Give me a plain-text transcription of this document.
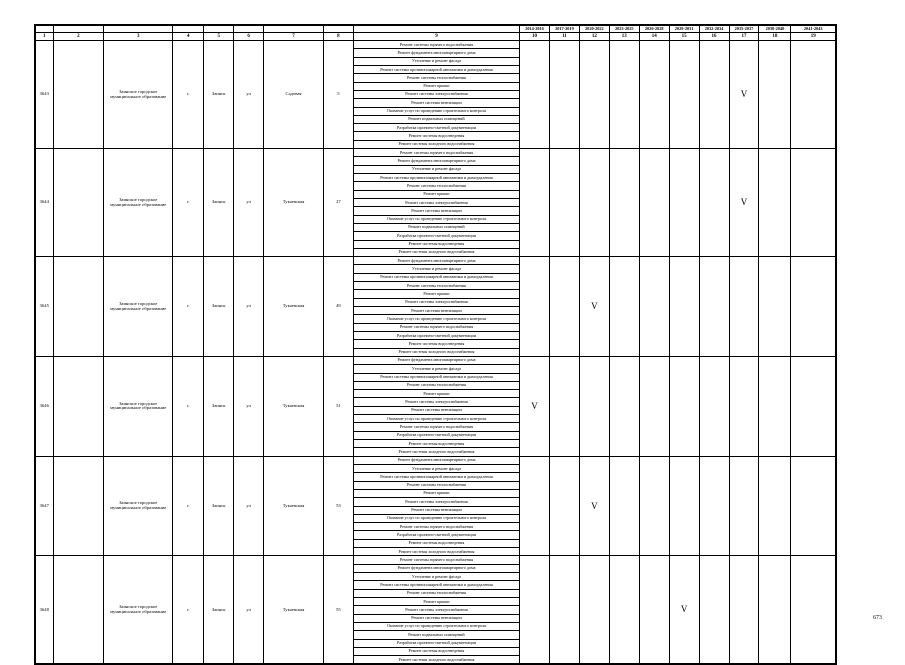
									2014-2016	2017-2019	2020-2022	2023-2025	2026-2028	2029-2031	2032-2034	2035-2037	2038-2040	2041-2043
1	2	3	4	5	6	7	8	9	10	11	12	13	14	15	16	17	18	19
3643		Заинское городское муниципальное образование	г.	Заинск	ул	Садовая	5	Ремонт системы горячего водоснабжения								V		
								Ремонт фундамента многоквартирного дома										
								Утепление и ремонт фасада										
								Ремонт системы противопожарной автоматики и дымоудаления										
								Ремонт системы теплоснабжения										
								Ремонт крыши										
								Ремонт системы электроснабжения										
								Ремонт системы вентиляции										
								Оказание услуг по проведению строительного контроля										
								Ремонт подвальных помещений										
								Разработка проектно-сметной документации										
								Ремонт системы водоотведения										
								Ремонт системы холодного водоснабжения										
3644		Заинское городское муниципальное образование	г.	Заинск	ул	Тукаевская	27	Ремонт системы горячего водоснабжения								V		
								Ремонт фундамента многоквартирного дома										
								Утепление и ремонт фасада										
								Ремонт системы противопожарной автоматики и дымоудаления										
								Ремонт системы теплоснабжения										
								Ремонт крыши										
								Ремонт системы электроснабжения										
								Ремонт системы вентиляции										
								Оказание услуг по проведению строительного контроля										
								Ремонт подвальных помещений										
								Разработка проектно-сметной документации										
								Ремонт системы водоотведения										
								Ремонт системы холодного водоснабжения										
3645		Заинское городское муниципальное образование	г.	Заинск	ул	Тукаевская	49	Ремонт фундамента многоквартирного дома			V							
								Утепление и ремонт фасада										
								Ремонт системы противопожарной автоматики и дымоудаления										
								Ремонт системы теплоснабжения										
								Ремонт крыши										
								Ремонт системы электроснабжения										
								Ремонт системы вентиляции										
								Оказание услуг по проведению строительного контроля										
								Ремонт системы горячего водоснабжения										
								Разработка проектно-сметной документации										
								Ремонт системы водоотведения										
								Ремонт системы холодного водоснабжения										
3646		Заинское городское муниципальное образование	г.	Заинск	ул	Тукаевская	51	Ремонт фундамента многоквартирного дома	V									
								Утепление и ремонт фасада										
								Ремонт системы противопожарной автоматики и дымоудаления										
								Ремонт системы теплоснабжения										
								Ремонт крыши										
								Ремонт системы электроснабжения										
								Ремонт системы вентиляции										
								Оказание услуг по проведению строительного контроля										
								Ремонт системы горячего водоснабжения										
								Разработка проектно-сметной документации										
								Ремонт системы водоотведения										
								Ремонт системы холодного водоснабжения										
3647		Заинское городское муниципальное образование	г.	Заинск	ул	Тукаевская	53	Ремонт фундамента многоквартирного дома			V							
								Утепление и ремонт фасада										
								Ремонт системы противопожарной автоматики и дымоудаления										
								Ремонт системы теплоснабжения										
								Ремонт крыши										
								Ремонт системы электроснабжения										
								Ремонт системы вентиляции										
								Оказание услуг по проведению строительного контроля										
								Ремонт системы горячего водоснабжения										
								Разработка проектно-сметной документации										
								Ремонт системы водоотведения										
								Ремонт системы холодного водоснабжения										
3648		Заинское городское муниципальное образование	г.	Заинск	ул	Тукаевская	55	Ремонт системы горячего водоснабжения						V				
								Ремонт фундамента многоквартирного дома										
								Утепление и ремонт фасада										
								Ремонт системы противопожарной автоматики и дымоудаления										
								Ремонт системы теплоснабжения										
								Ремонт крыши										
								Ремонт системы электроснабжения										
								Ремонт системы вентиляции										
								Оказание услуг по проведению строительного контроля										
								Ремонт подвальных помещений										
								Разработка проектно-сметной документации										
								Ремонт системы водоотведения										
								Ремонт системы холодного водоснабжения										
673
